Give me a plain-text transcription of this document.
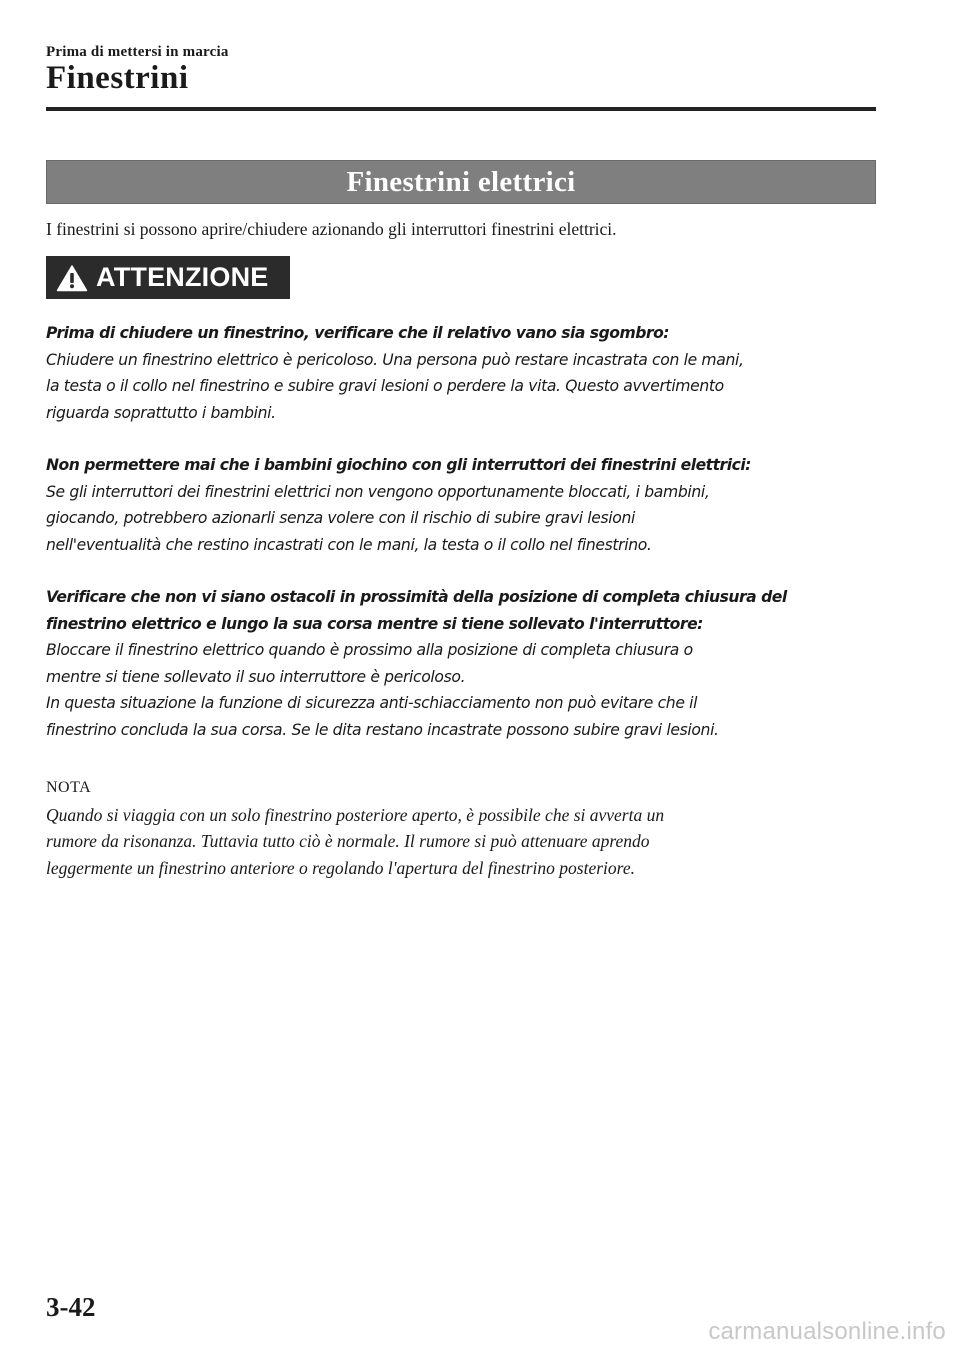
Prima di mettersi in marcia
Finestrini
Finestrini elettrici
I finestrini si possono aprire/chiudere azionando gli interruttori finestrini elettrici.
ATTENZIONE

Prima di chiudere un finestrino, verificare che il relativo vano sia sgombro:

Chiudere un finestrino elettrico è pericoloso. Una persona può restare incastrata con le mani,

la testa o il collo nel finestrino e subire gravi lesioni o perdere la vita. Questo avvertimento

riguarda soprattutto i bambini.

Non permettere mai che i bambini giochino con gli interruttori dei finestrini elettrici:

Se gli interruttori dei finestrini elettrici non vengono opportunamente bloccati, i bambini,

giocando, potrebbero azionarli senza volere con il rischio di subire gravi lesioni

nell'eventualità che restino incastrati con le mani, la testa o il collo nel finestrino.

Verificare che non vi siano ostacoli in prossimità della posizione di completa chiusura del

finestrino elettrico e lungo la sua corsa mentre si tiene sollevato l'interruttore:

Bloccare il finestrino elettrico quando è prossimo alla posizione di completa chiusura o

mentre si tiene sollevato il suo interruttore è pericoloso.

In questa situazione la funzione di sicurezza anti-schiacciamento non può evitare che il

finestrino concluda la sua corsa. Se le dita restano incastrate possono subire gravi lesioni.

NOTA

Quando si viaggia con un solo finestrino posteriore aperto, è possibile che si avverta un

rumore da risonanza. Tuttavia tutto ciò è normale. Il rumore si può attenuare aprendo

leggermente un finestrino anteriore o regolando l'apertura del finestrino posteriore.

3-42
carmanualsonline.info
